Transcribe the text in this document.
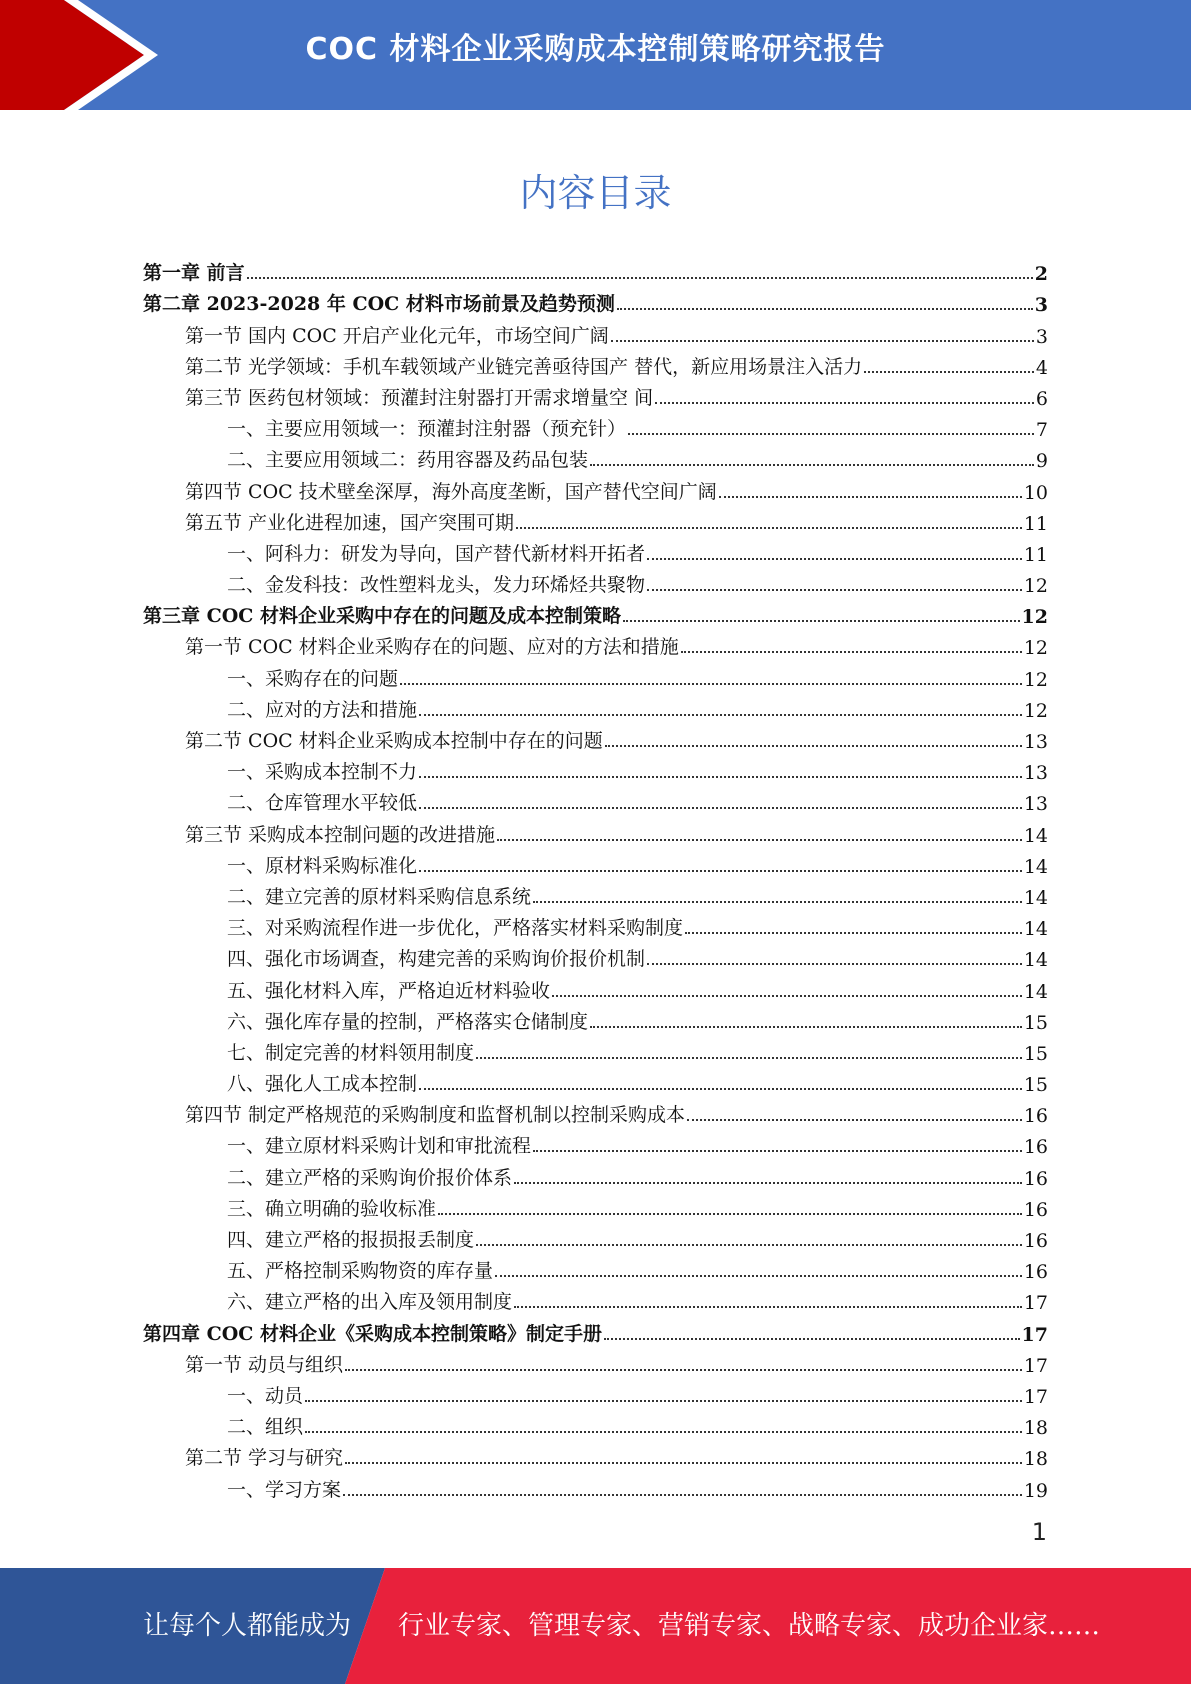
COC 材料企业采购成本控制策略研究报告
内容目录
第一章 前言	2
第二章 2023-2028 年 COC 材料市场前景及趋势预测	3
第一节 国内 COC 开启产业化元年，市场空间广阔	3
第二节 光学领域：手机车载领域产业链完善亟待国产 替代，新应用场景注入活力	4
第三节 医药包材领域：预灌封注射器打开需求增量空 间	6
一、主要应用领域一：预灌封注射器（预充针）	7
二、主要应用领域二：药用容器及药品包装	9
第四节 COC 技术壁垒深厚，海外高度垄断，国产替代空间广阔	10
第五节 产业化进程加速，国产突围可期	11
一、阿科力：研发为导向，国产替代新材料开拓者	11
二、金发科技：改性塑料龙头，发力环烯烃共聚物	12
第三章 COC 材料企业采购中存在的问题及成本控制策略	12
第一节 COC 材料企业采购存在的问题、应对的方法和措施	12
一、采购存在的问题	12
二、应对的方法和措施	12
第二节 COC 材料企业采购成本控制中存在的问题	13
一、采购成本控制不力	13
二、仓库管理水平较低	13
第三节 采购成本控制问题的改进措施	14
一、原材料采购标准化	14
二、建立完善的原材料采购信息系统	14
三、对采购流程作进一步优化，严格落实材料采购制度	14
四、强化市场调查，构建完善的采购询价报价机制	14
五、强化材料入库，严格迫近材料验收	14
六、强化库存量的控制，严格落实仓储制度	15
七、制定完善的材料领用制度	15
八、强化人工成本控制	15
第四节 制定严格规范的采购制度和监督机制以控制采购成本	16
一、建立原材料采购计划和审批流程	16
二、建立严格的采购询价报价体系	16
三、确立明确的验收标准	16
四、建立严格的报损报丢制度	16
五、严格控制采购物资的库存量	16
六、建立严格的出入库及领用制度	17
第四章 COC 材料企业《采购成本控制策略》制定手册	17
第一节 动员与组织	17
一、动员	17
二、组织	18
第二节 学习与研究	18
一、学习方案	19
1
让每个人都能成为 行业专家、管理专家、营销专家、战略专家、成功企业家……
